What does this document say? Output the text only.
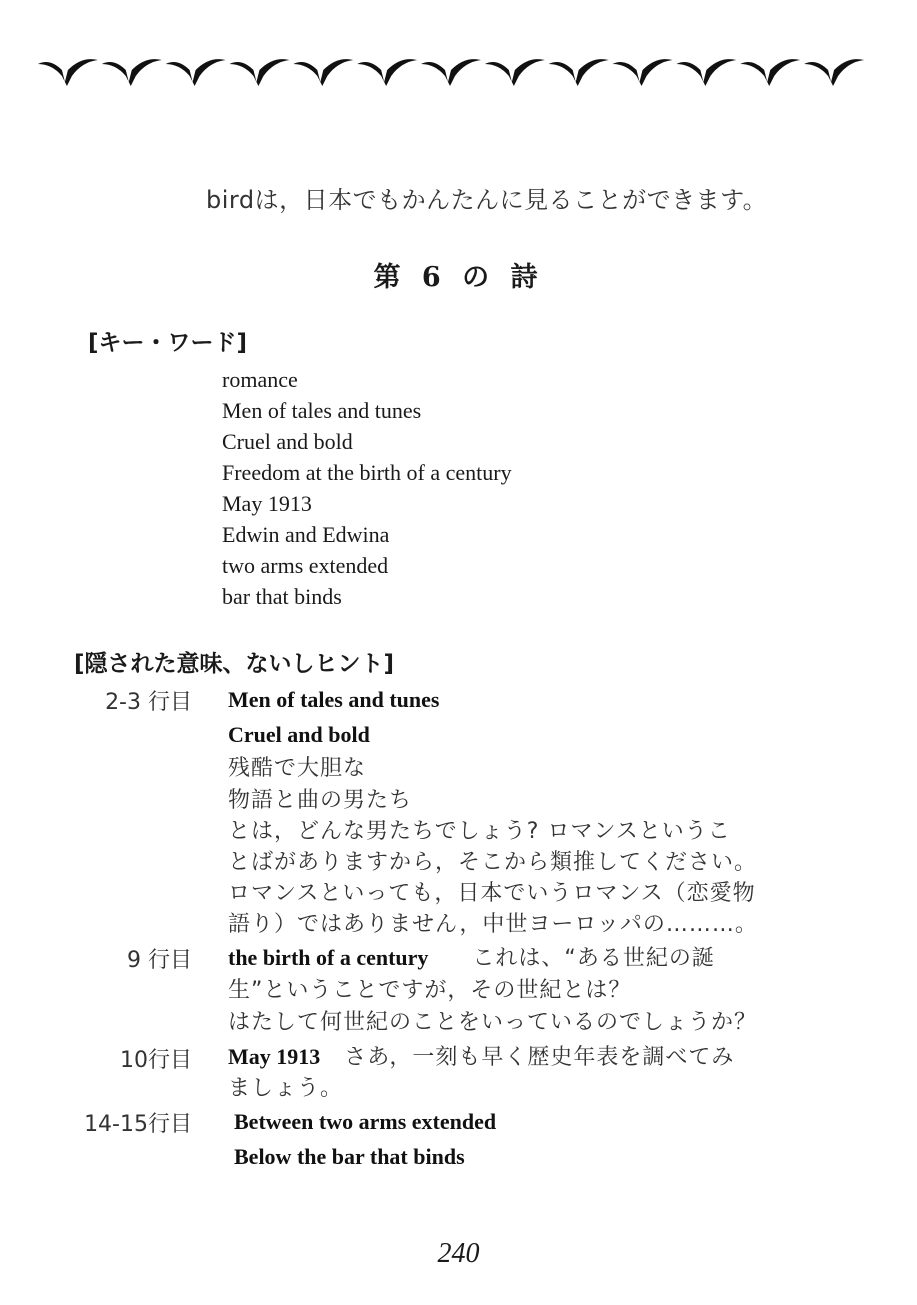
birdは，日本でもかんたんに見ることができます。
第 6 の 詩
[キー・ワード]
romance
Men of tales and tunes
Cruel and bold
Freedom at the birth of a century
May 1913
Edwin and Edwina
two arms extended
bar that binds
[隠された意味、ないしヒント]
2-3 行目 Men of tales and tunes
Cruel and bold
残酷で大胆な
物語と曲の男たち
とは，どんな男たちでしょう? ロマンスというこ
とばがありますから，そこから類推してください。
ロマンスといっても，日本でいうロマンス（恋愛物
語り）ではありません，中世ヨーロッパの………。
9 行目 the birth of a century これは、“ある世紀の誕
生”ということですが，その世紀とは？
はたして何世紀のことをいっているのでしょうか？
10行目 May 1913 さあ，一刻も早く歴史年表を調べてみ
ましょう。
14-15行目 Between two arms extended
Below the bar that binds
240
